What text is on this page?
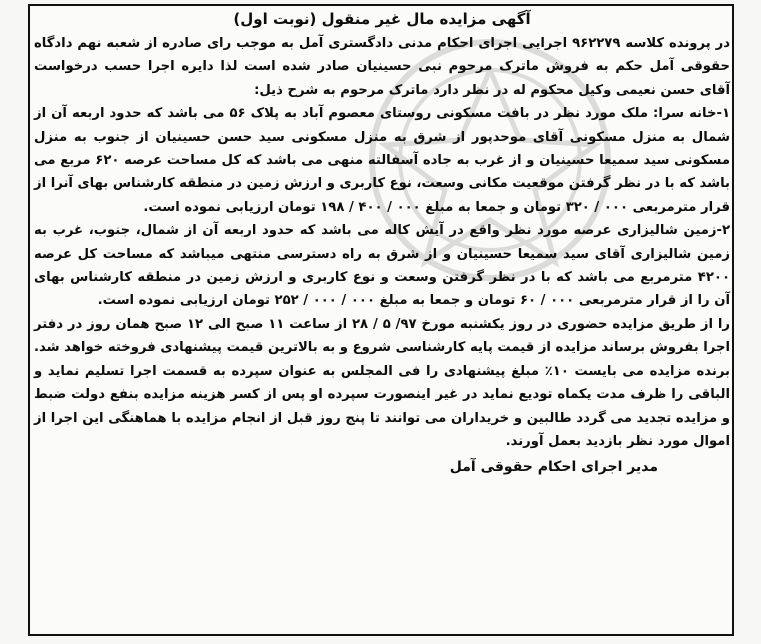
آگهی مزایده مال غیر منقول (نوبت اول)

در پرونده کلاسه ۹۶۲۲۷۹ اجرایی اجرای احکام مدنی دادگستری آمل به موجب رای صادره از شعبه نهم دادگاه حقوقی آمل حکم به فروش ماترک مرحوم نبی حسینیان صادر شده است لذا دایره اجرا حسب درخواست آقای حسن نعیمی وکیل محکوم له در نظر دارد ماترک مرحوم به شرح ذیل:

۱-خانه سرا: ملک مورد نظر در بافت مسکونی روستای معصوم آباد به پلاک ۵۶ می باشد که حدود اربعه آن از شمال به منزل مسکونی آقای موحدپور از شرق به منزل مسکونی سید حسن حسینیان از جنوب به منزل مسکونی سید سمیعا حسینیان و از غرب به جاده آسفالته منهی می باشد که کل مساحت عرصه ۶۲۰ مربع می باشد که با در نظر گرفتن موقعیت مکانی وسعت، نوع کاربری و ارزش زمین در منطقه کارشناس بهای آنرا از قرار مترمربعی ۰۰۰ / ۳۲۰ تومان و جمعا به مبلغ ۰۰۰ / ۴۰۰ / ۱۹۸ تومان ارزیابی نموده است.

۲-زمین شالیزاری عرصه مورد نظر واقع در آیش کاله می باشد که حدود اربعه آن از شمال، جنوب، غرب به زمین شالیزاری آقای سید سمیعا حسینیان و از شرق به راه دسترسی منتهی میباشد که مساحت کل عرصه ۴۲۰۰ مترمربع می باشد که با در نظر گرفتن وسعت و نوع کاربری و ارزش زمین در منطقه کارشناس بهای آن را از قرار مترمربعی ۰۰۰ / ۶۰ تومان و جمعا به مبلغ ۰۰۰ / ۰۰۰ / ۲۵۲ تومان ارزیابی نموده است.

را از طریق مزایده حضوری در روز یکشنبه مورخ ۹۷/ ۵ / ۲۸ از ساعت ۱۱ صبح الی ۱۲ صبح همان روز در دفتر اجرا بفروش برساند مزایده از قیمت پایه کارشناسی شروع و به بالاترین قیمت پیشنهادی فروخته خواهد شد. برنده مزایده می بایست ۱۰٪ مبلغ پیشنهادی را فی المجلس به عنوان سپرده به قسمت اجرا تسلیم نماید و الباقی را ظرف مدت یکماه تودیع نماید در غیر اینصورت سپرده او پس از کسر هزینه مزایده بنفع دولت ضبط و مزایده تجدید می گردد طالبین و خریداران می توانند تا پنج روز قبل از انجام مزایده با هماهنگی این اجرا از اموال مورد نظر بازدید بعمل آورند.

مدیر اجرای احکام حقوقی آمل
